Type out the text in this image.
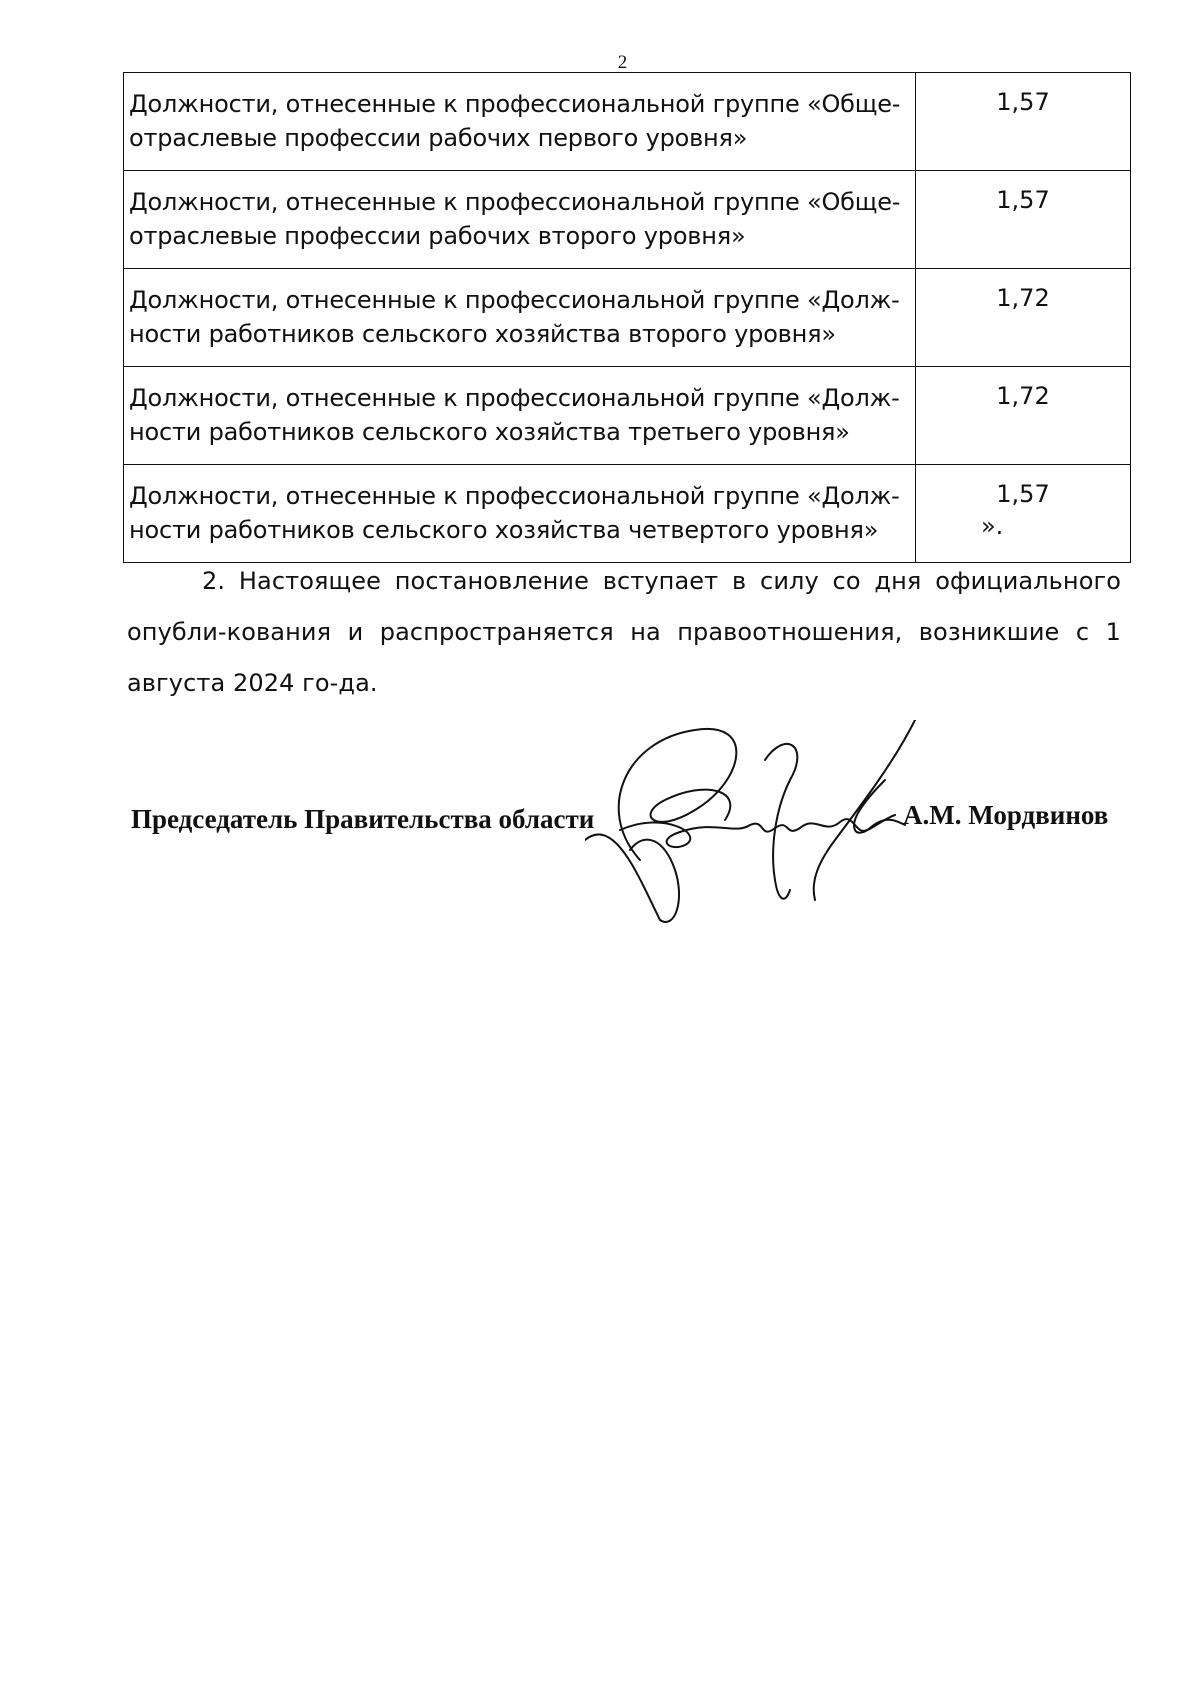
2
Должности, отнесенные к профессиональной группе «Обще-
отраслевые профессии рабочих первого уровня»	1,57

Должности, отнесенные к профессиональной группе «Обще-
отраслевые профессии рабочих второго уровня»	1,57

Должности, отнесенные к профессиональной группе «Долж-
ности работников сельского хозяйства второго уровня»	1,72

Должности, отнесенные к профессиональной группе «Долж-
ности работников сельского хозяйства третьего уровня»	1,72

Должности, отнесенные к профессиональной группе «Долж-
ности работников сельского хозяйства четвертого уровня»	1,57
».
2. Настоящее постановление вступает в силу со дня официального опубли-кования и распространяется на правоотношения, возникшие с 1 августа 2024 го-да.
Председатель Правительства области	А.М. Мордвинов
